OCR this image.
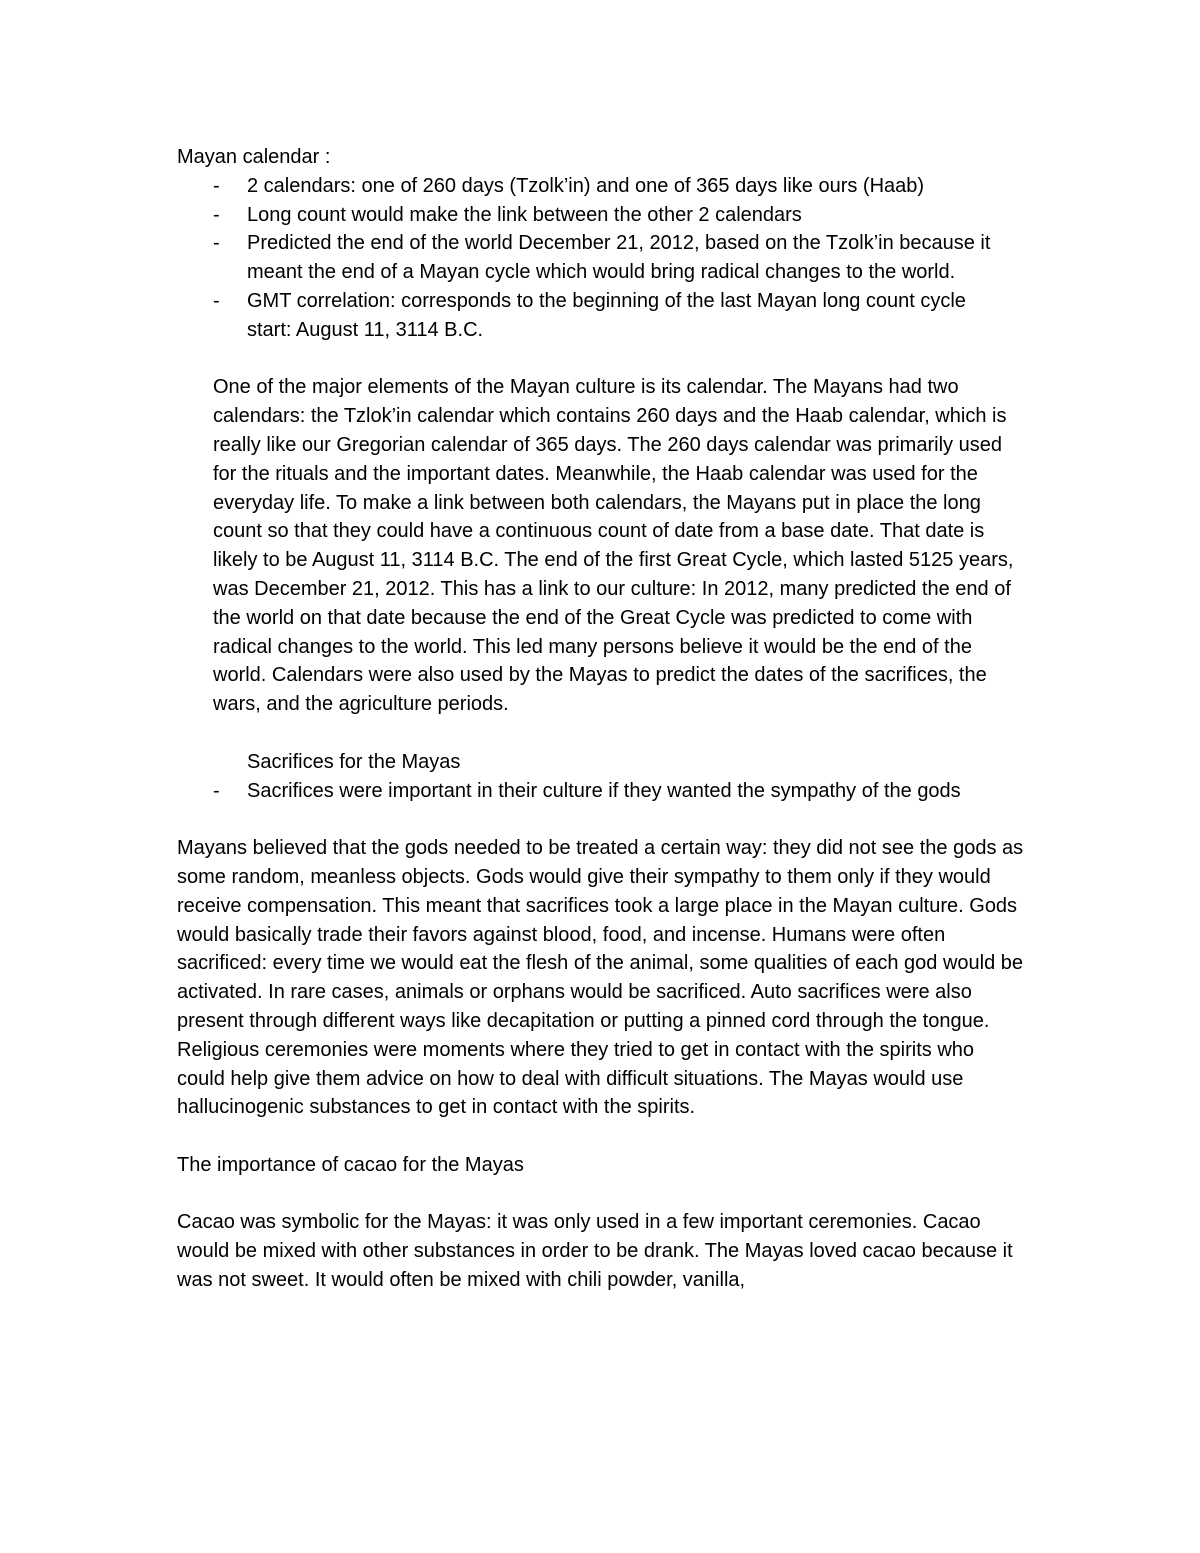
Mayan calendar :

- 2 calendars: one of 260 days (Tzolk’in) and one of 365 days like ours (Haab)
- Long count would make the link between the other 2 calendars
- Predicted the end of the world December 21, 2012, based on the Tzolk’in because it meant the end of a Mayan cycle which would bring radical changes to the world.
- GMT correlation: corresponds to the beginning of the last Mayan long count cycle start: August 11, 3114 B.C.

One of the major elements of the Mayan culture is its calendar. The Mayans had two calendars: the Tzlok’in calendar which contains 260 days and the Haab calendar, which is really like our Gregorian calendar of 365 days. The 260 days calendar was primarily used for the rituals and the important dates. Meanwhile, the Haab calendar was used for the everyday life. To make a link between both calendars, the Mayans put in place the long count so that they could have a continuous count of date from a base date. That date is likely to be August 11, 3114 B.C. The end of the first Great Cycle, which lasted 5125 years, was December 21, 2012. This has a link to our culture: In 2012, many predicted the end of the world on that date because the end of the Great Cycle was predicted to come with radical changes to the world. This led many persons believe it would be the end of the world. Calendars were also used by the Mayas to predict the dates of the sacrifices, the wars, and the agriculture periods.

Sacrifices for the Mayas

- Sacrifices were important in their culture if they wanted the sympathy of the gods

Mayans believed that the gods needed to be treated a certain way: they did not see the gods as some random, meanless objects. Gods would give their sympathy to them only if they would receive compensation. This meant that sacrifices took a large place in the Mayan culture. Gods would basically trade their favors against blood, food, and incense. Humans were often sacrificed: every time we would eat the flesh of the animal, some qualities of each god would be activated. In rare cases, animals or orphans would be sacrificed. Auto sacrifices were also present through different ways like decapitation or putting a pinned cord through the tongue. Religious ceremonies were moments where they tried to get in contact with the spirits who could help give them advice on how to deal with difficult situations. The Mayas would use hallucinogenic substances to get in contact with the spirits.

The importance of cacao for the Mayas

Cacao was symbolic for the Mayas: it was only used in a few important ceremonies. Cacao would be mixed with other substances in order to be drank. The Mayas loved cacao because it was not sweet. It would often be mixed with chili powder, vanilla,
